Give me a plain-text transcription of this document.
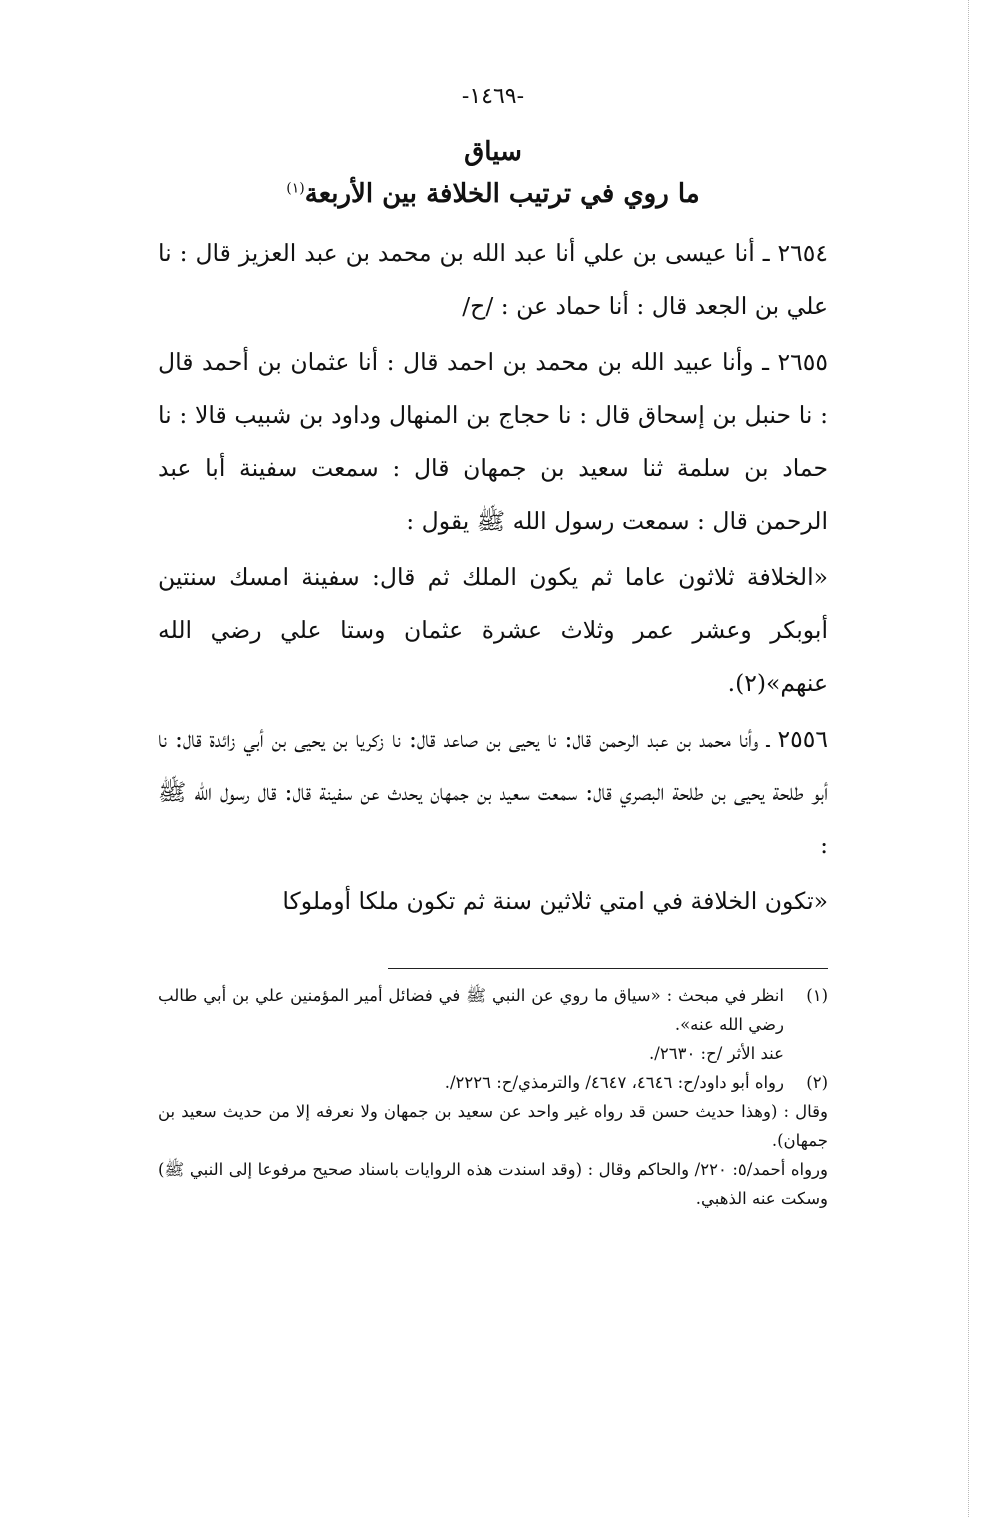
-١٤٦٩-
سياق
ما روي في ترتيب الخلافة بين الأربعة$^{(١)}$

٢٦٥٤ ـ أنا عيسى بن علي أنا عبد الله بن محمد بن عبد العزيز قال : نا علي بن الجعد قال : أنا حماد عن : /ح/

٢٦٥٥ ـ وأنا عبيد الله بن محمد بن احمد قال : أنا عثمان بن أحمد قال : نا حنبل بن إسحاق قال : نا حجاج بن المنهال وداود بن شبيب قالا : نا حماد بن سلمة ثنا سعيد بن جمهان قال : سمعت سفينة أبا عبد الرحمن قال : سمعت رسول الله ﷺ يقول :

«الخلافة ثلاثون عاما ثم يكون الملك ثم قال: سفينة امسك سنتين أبوبكر وعشر عمر وثلاث عشرة عثمان وستا علي رضي الله عنهم»(٢).

٢٥٥٦ ـ وأنا محمد بن عبد الرحمن قال: نا يحيى بن صاعد قال: نا زكريا بن يحيى بن أبي زائدة قال: نا أبو طلحة يحيى بن طلحة البصري قال: سمعت سعيد بن جمهان يحدث عن سفينة قال: قال رسول الله ﷺ :

«تكون الخلافة في امتي ثلاثين سنة ثم تكون ملكا أوملوكا

(١)
انظر في مبحث : «سياق ما روي عن النبي ﷺ في فضائل أمير المؤمنين علي بن أبي طالب رضي الله عنه».
عند الأثر /ح: ٢٦٣٠/.
(٢)
رواه أبو داود/ح: ٤٦٤٦، ٤٦٤٧/ والترمذي/ح: ٢٢٢٦/.
وقال : (وهذا حديث حسن قد رواه غير واحد عن سعيد بن جمهان ولا نعرفه إلا من حديث سعيد بن جمهان).
ورواه أحمد/٥: ٢٢٠/ والحاكم وقال : (وقد اسندت هذه الروايات باسناد صحيح مرفوعا إلى النبي ﷺ) وسكت عنه الذهبي.
